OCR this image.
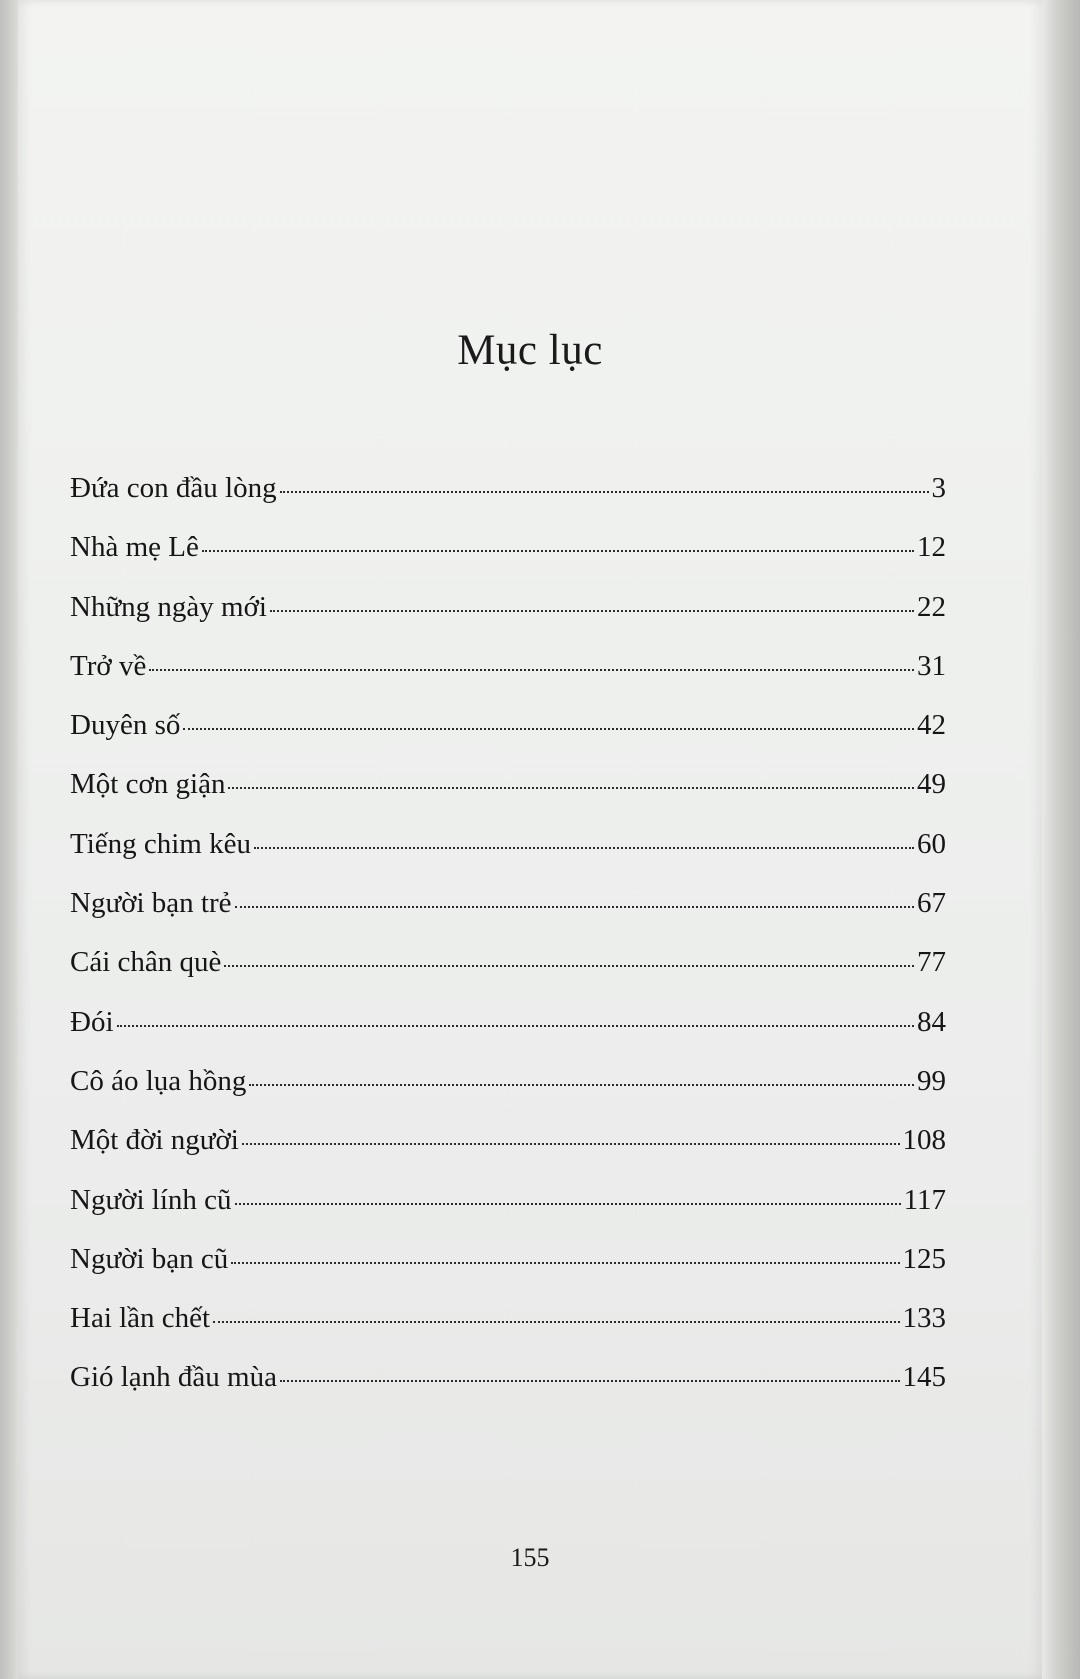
Mục lục
Đứa con đầu lòng	3
Nhà mẹ Lê	12
Những ngày mới	22
Trở về	31
Duyên số	42
Một cơn giận	49
Tiếng chim kêu	60
Người bạn trẻ	67
Cái chân què	77
Đói	84
Cô áo lụa hồng	99
Một đời người	108
Người lính cũ	117
Người bạn cũ	125
Hai lần chết	133
Gió lạnh đầu mùa	145
155
